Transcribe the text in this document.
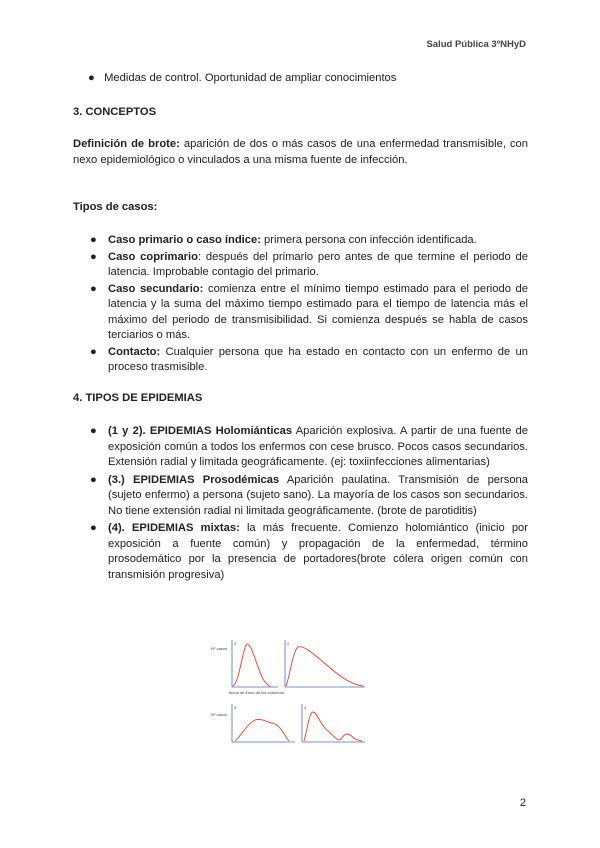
Salud Pública 3ºNHyD
● Medidas de control. Oportunidad de ampliar conocimientos
3. CONCEPTOS
Definición de brote: aparición de dos o más casos de una enfermedad transmisible, con nexo epidemiológico o vinculados a una misma fuente de infección.
Tipos de casos:
● Caso primario o caso índice: primera persona con infección identificada.
● Caso coprimario: después del primario pero antes de que termine el periodo de latencia. Improbable contagio del primario.
● Caso secundario: comienza entre el mínimo tiempo estimado para el periodo de latencia y la suma del máximo tiempo estimado para el tiempo de latencia más el máximo del periodo de transmisibilidad. Si comienza después se habla de casos terciarios o más.
● Contacto: Cualquier persona que ha estado en contacto con un enfermo de un proceso trasmisible.
4. TIPOS DE EPIDEMIAS
● (1 y 2). EPIDEMIAS Holomiánticas Aparición explosiva. A partir de una fuente de exposición común a todos los enfermos con cese brusco. Pocos casos secundarios. Extensión radial y limitada geográficamente. (ej: toxiinfecciones alimentarias)
● (3.) EPIDEMIAS Prosodémicas Aparición paulatina. Transmisión de persona (sujeto enfermo) a persona (sujeto sano). La mayoría de los casos son secundarios. No tiene extensión radial ni limitada geográficamente. (brote de parotiditis)
● (4). EPIDEMIAS mixtas: la más frecuente. Comienzo holomiántico (inicio por exposición a fuente común) y propagación de la enfermedad, término prosodemático por la presencia de portadores(brote cólera origen común con transmisión progresiva)
Nº casos
1	2
fecha de inicio de los síntomas
Nº casos
3	4
2
